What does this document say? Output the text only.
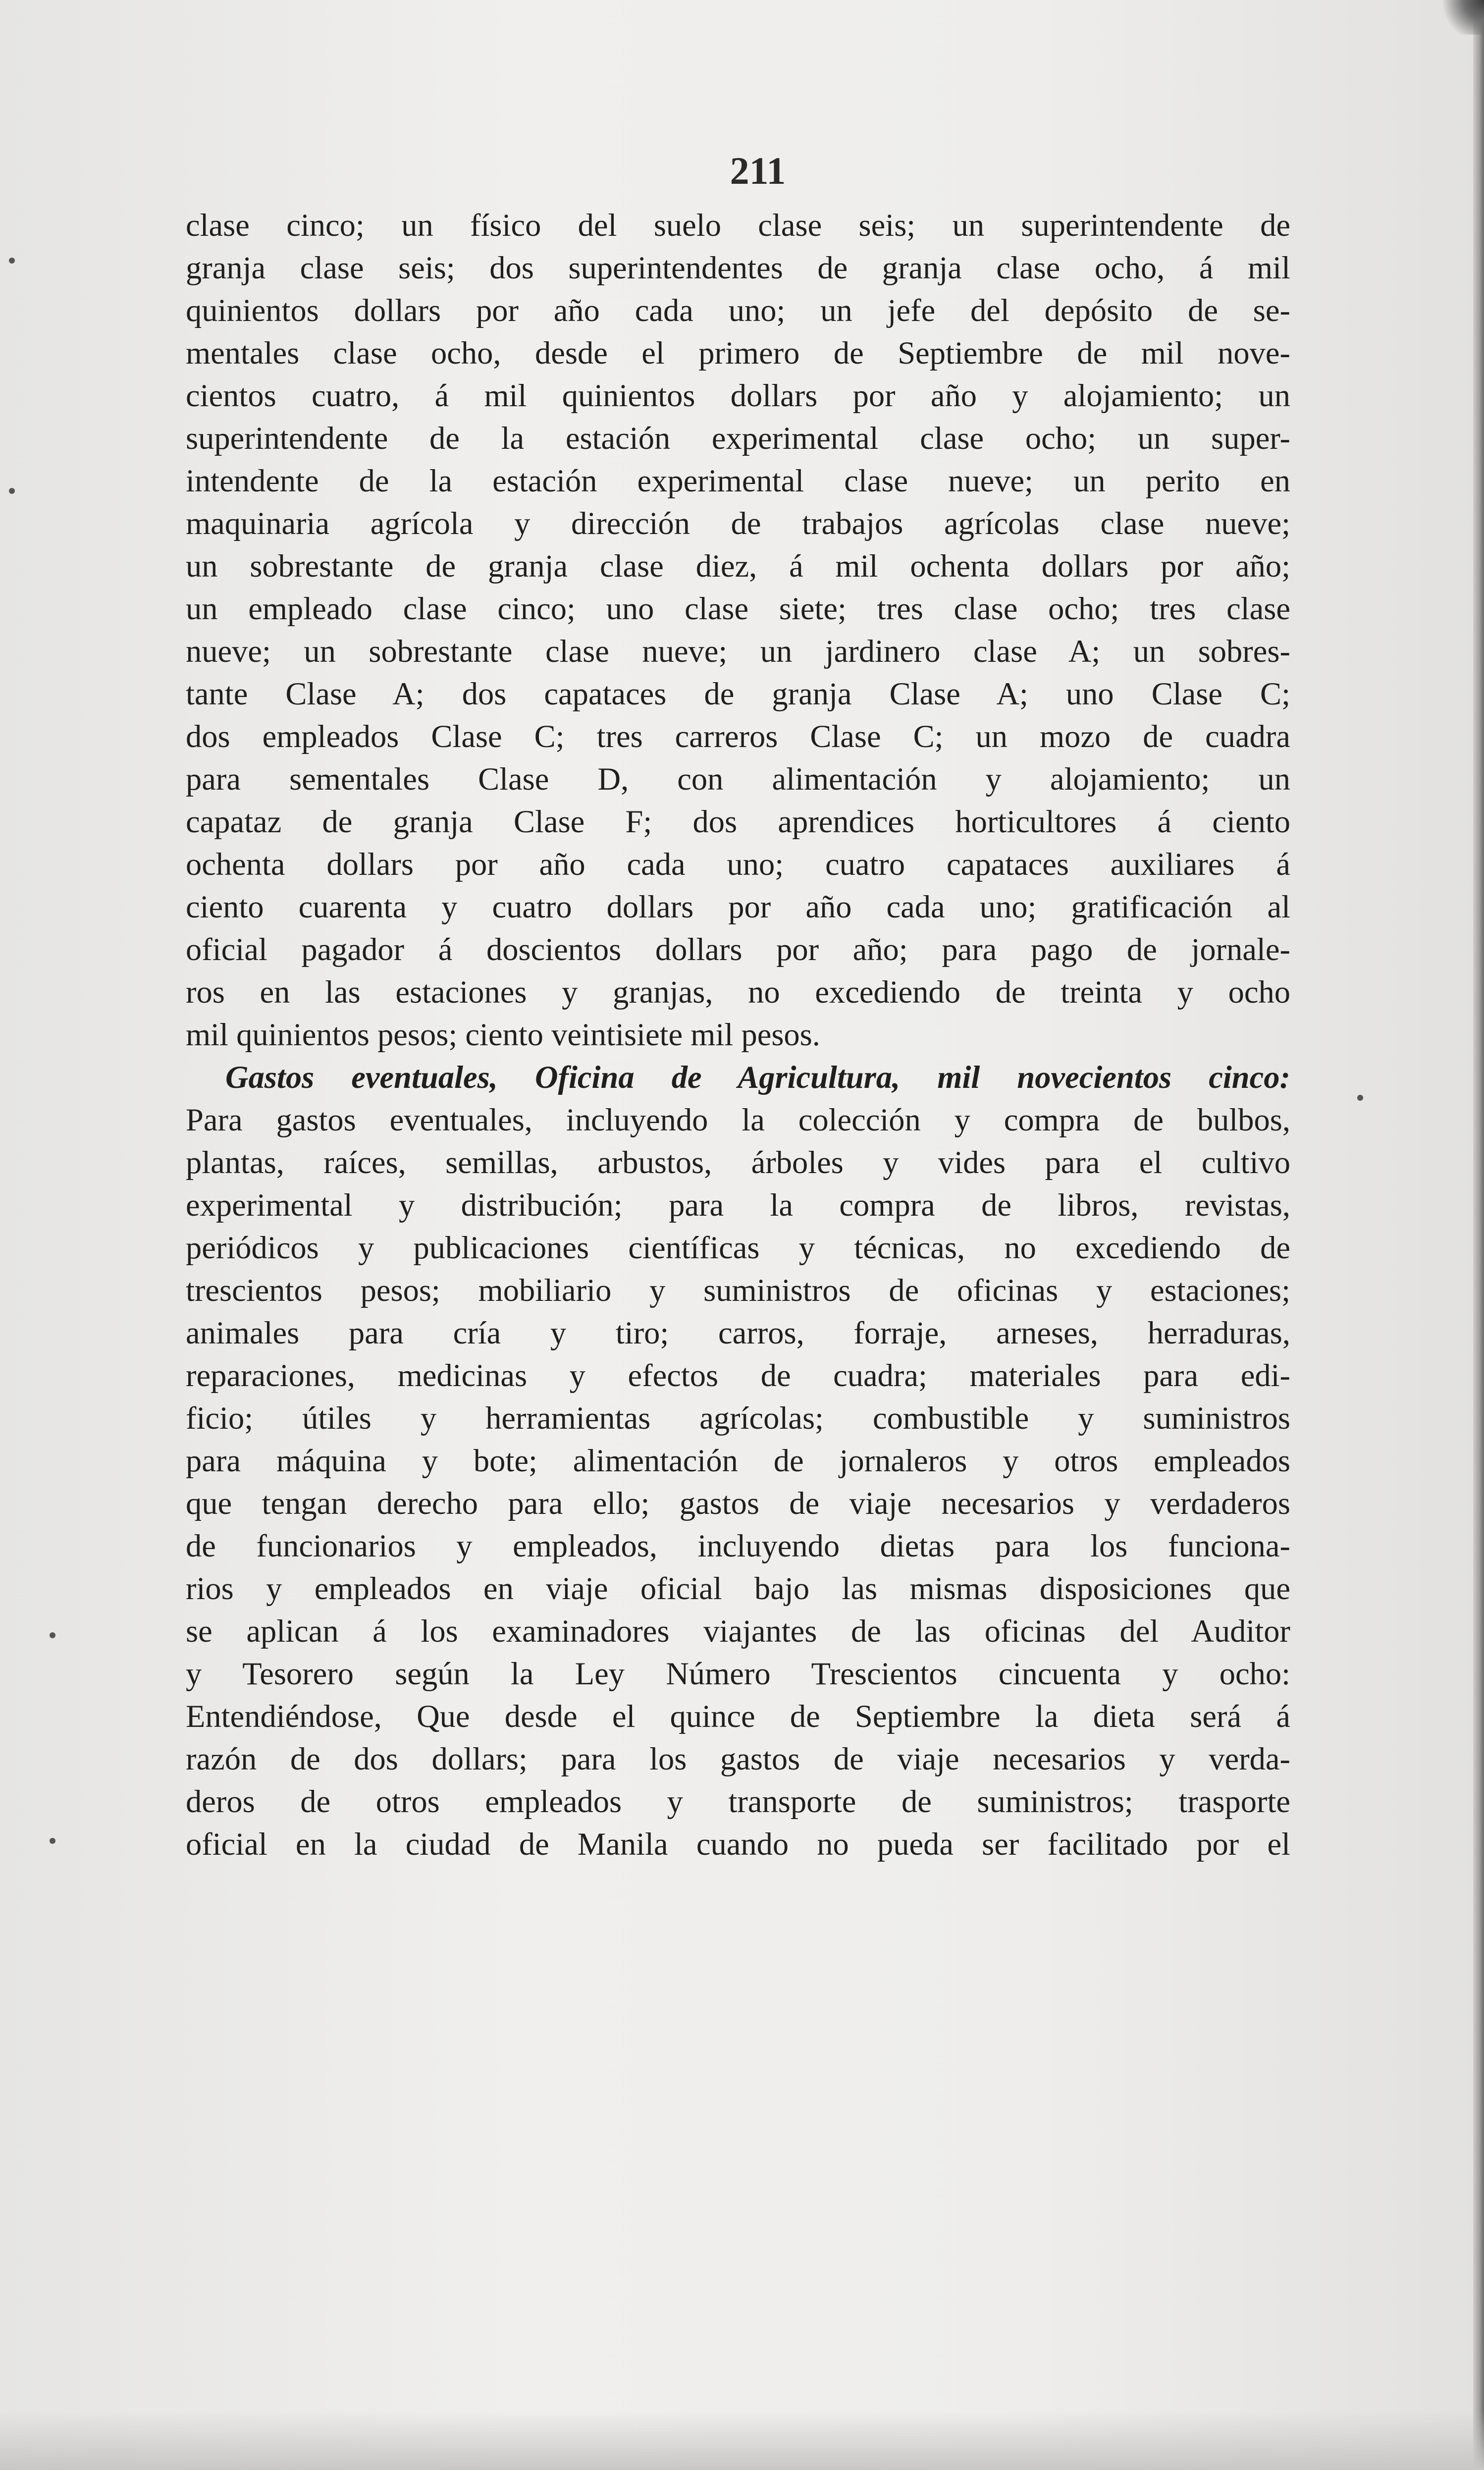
211
clase cinco; un físico del suelo clase seis; un superintendente de
granja clase seis; dos superintendentes de granja clase ocho, á mil
quinientos dollars por año cada uno; un jefe del depósito de se-
mentales clase ocho, desde el primero de Septiembre de mil nove-
cientos cuatro, á mil quinientos dollars por año y alojamiento; un
superintendente de la estación experimental clase ocho; un super-
intendente de la estación experimental clase nueve; un perito en
maquinaria agrícola y dirección de trabajos agrícolas clase nueve;
un sobrestante de granja clase diez, á mil ochenta dollars por año;
un empleado clase cinco; uno clase siete; tres clase ocho; tres clase
nueve; un sobrestante clase nueve; un jardinero clase A; un sobres-
tante Clase A; dos capataces de granja Clase A; uno Clase C;
dos empleados Clase C; tres carreros Clase C; un mozo de cuadra
para sementales Clase D, con alimentación y alojamiento; un
capataz de granja Clase F; dos aprendices horticultores á ciento
ochenta dollars por año cada uno; cuatro capataces auxiliares á
ciento cuarenta y cuatro dollars por año cada uno; gratificación al
oficial pagador á doscientos dollars por año; para pago de jornale-
ros en las estaciones y granjas, no excediendo de treinta y ocho
mil quinientos pesos; ciento veintisiete mil pesos.
Gastos eventuales, Oficina de Agricultura, mil novecientos cinco:
Para gastos eventuales, incluyendo la colección y compra de bulbos,
plantas, raíces, semillas, arbustos, árboles y vides para el cultivo
experimental y distribución; para la compra de libros, revistas,
periódicos y publicaciones científicas y técnicas, no excediendo de
trescientos pesos; mobiliario y suministros de oficinas y estaciones;
animales para cría y tiro; carros, forraje, arneses, herraduras,
reparaciones, medicinas y efectos de cuadra; materiales para edi-
ficio; útiles y herramientas agrícolas; combustible y suministros
para máquina y bote; alimentación de jornaleros y otros empleados
que tengan derecho para ello; gastos de viaje necesarios y verdaderos
de funcionarios y empleados, incluyendo dietas para los funciona-
rios y empleados en viaje oficial bajo las mismas disposiciones que
se aplican á los examinadores viajantes de las oficinas del Auditor
y Tesorero según la Ley Número Trescientos cincuenta y ocho:
Entendiéndose, Que desde el quince de Septiembre la dieta será á
razón de dos dollars; para los gastos de viaje necesarios y verda-
deros de otros empleados y transporte de suministros; trasporte
oficial en la ciudad de Manila cuando no pueda ser facilitado por el
